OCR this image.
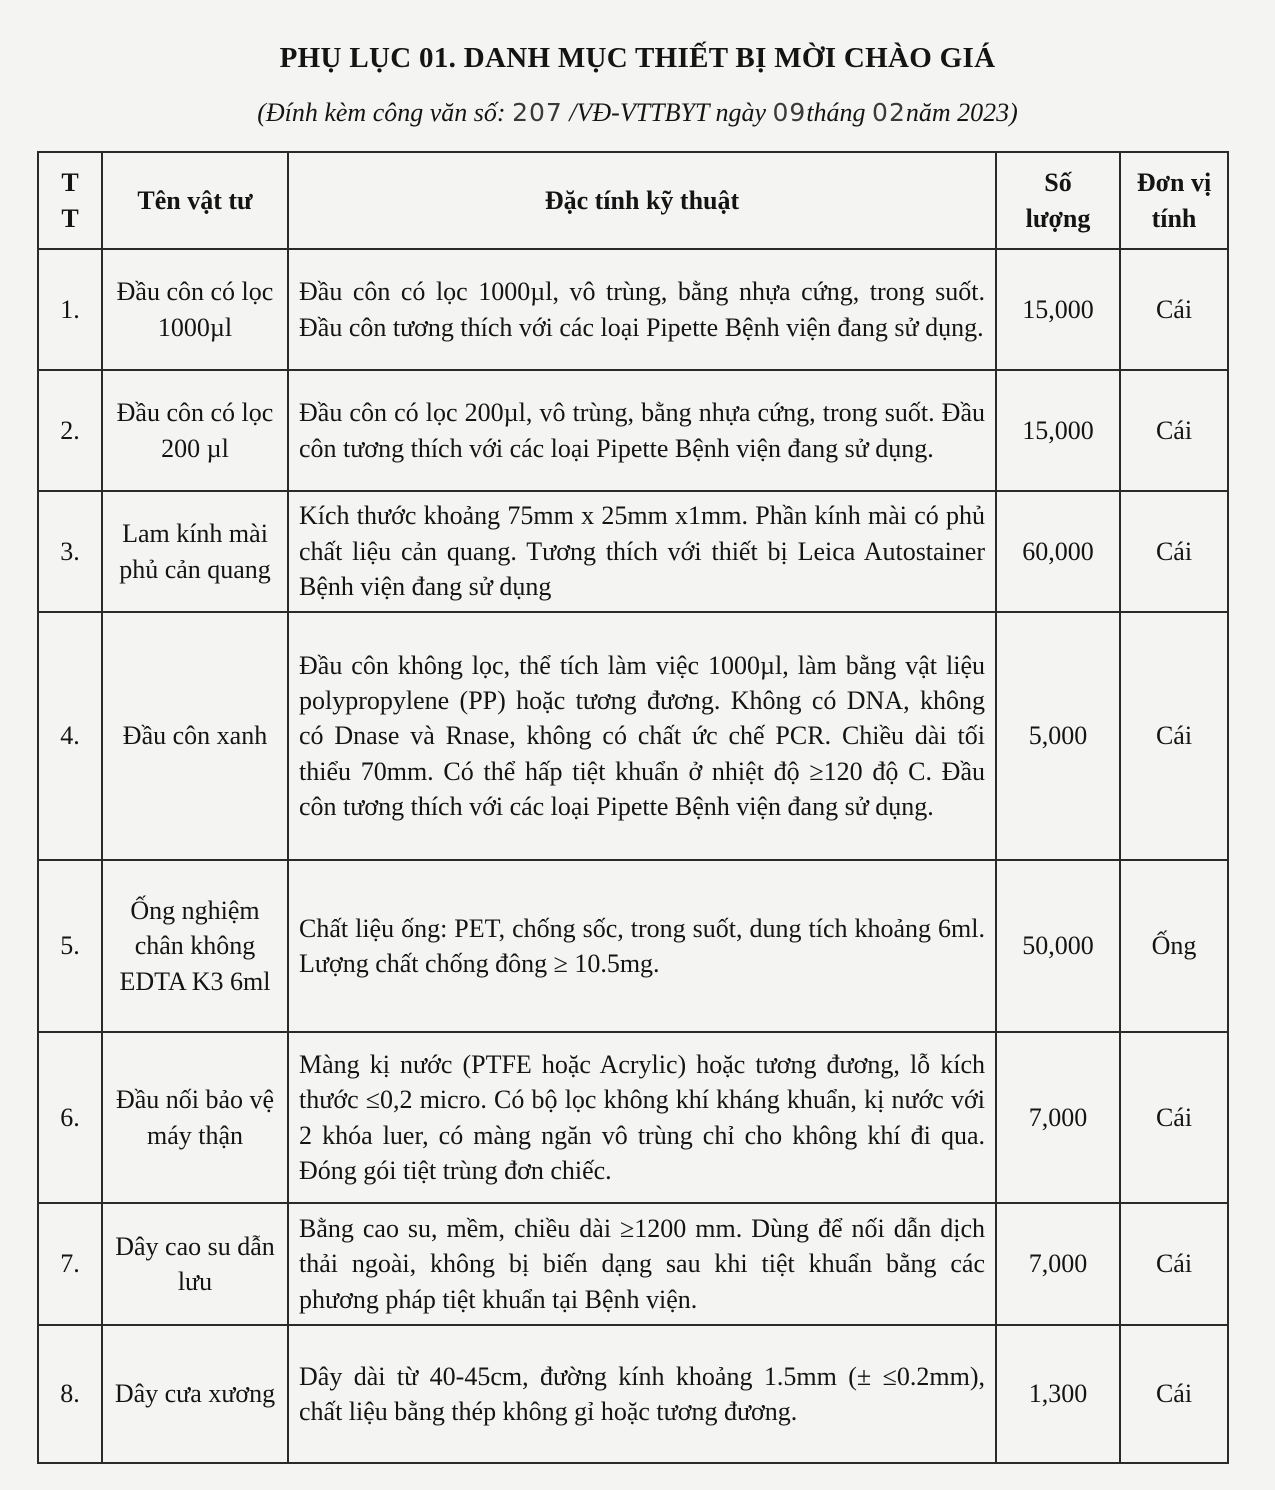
PHỤ LỤC 01. DANH MỤC THIẾT BỊ MỜI CHÀO GIÁ
(Đính kèm công văn số: 207 /VĐ-VTTBYT ngày 09tháng 02năm 2023)
T T	Tên vật tư	Đặc tính kỹ thuật	Số lượng	Đơn vị tính
1.	Đầu côn có lọc 1000µl	Đầu côn có lọc 1000µl, vô trùng, bằng nhựa cứng, trong suốt. Đầu côn tương thích với các loại Pipette Bệnh viện đang sử dụng.	15,000	Cái
2.	Đầu côn có lọc 200 µl	Đầu côn có lọc 200µl, vô trùng, bằng nhựa cứng, trong suốt. Đầu côn tương thích với các loại Pipette Bệnh viện đang sử dụng.	15,000	Cái
3.	Lam kính mài phủ cản quang	Kích thước khoảng 75mm x 25mm x1mm. Phần kính mài có phủ chất liệu cản quang. Tương thích với thiết bị Leica Autostainer Bệnh viện đang sử dụng	60,000	Cái
4.	Đầu côn xanh	Đầu côn không lọc, thể tích làm việc 1000µl, làm bằng vật liệu polypropylene (PP) hoặc tương đương. Không có DNA, không có Dnase và Rnase, không có chất ức chế PCR. Chiều dài tối thiểu 70mm. Có thể hấp tiệt khuẩn ở nhiệt độ ≥120 độ C. Đầu côn tương thích với các loại Pipette Bệnh viện đang sử dụng.	5,000	Cái
5.	Ống nghiệm chân không EDTA K3 6ml	Chất liệu ống: PET, chống sốc, trong suốt, dung tích khoảng 6ml. Lượng chất chống đông ≥ 10.5mg.	50,000	Ống
6.	Đầu nối bảo vệ máy thận	Màng kị nước (PTFE hoặc Acrylic) hoặc tương đương, lỗ kích thước ≤0,2 micro. Có bộ lọc không khí kháng khuẩn, kị nước với 2 khóa luer, có màng ngăn vô trùng chỉ cho không khí đi qua. Đóng gói tiệt trùng đơn chiếc.	7,000	Cái
7.	Dây cao su dẫn lưu	Bằng cao su, mềm, chiều dài ≥1200 mm. Dùng để nối dẫn dịch thải ngoài, không bị biến dạng sau khi tiệt khuẩn bằng các phương pháp tiệt khuẩn tại Bệnh viện.	7,000	Cái
8.	Dây cưa xương	Dây dài từ 40-45cm, đường kính khoảng 1.5mm (± ≤0.2mm), chất liệu bằng thép không gỉ hoặc tương đương.	1,300	Cái
